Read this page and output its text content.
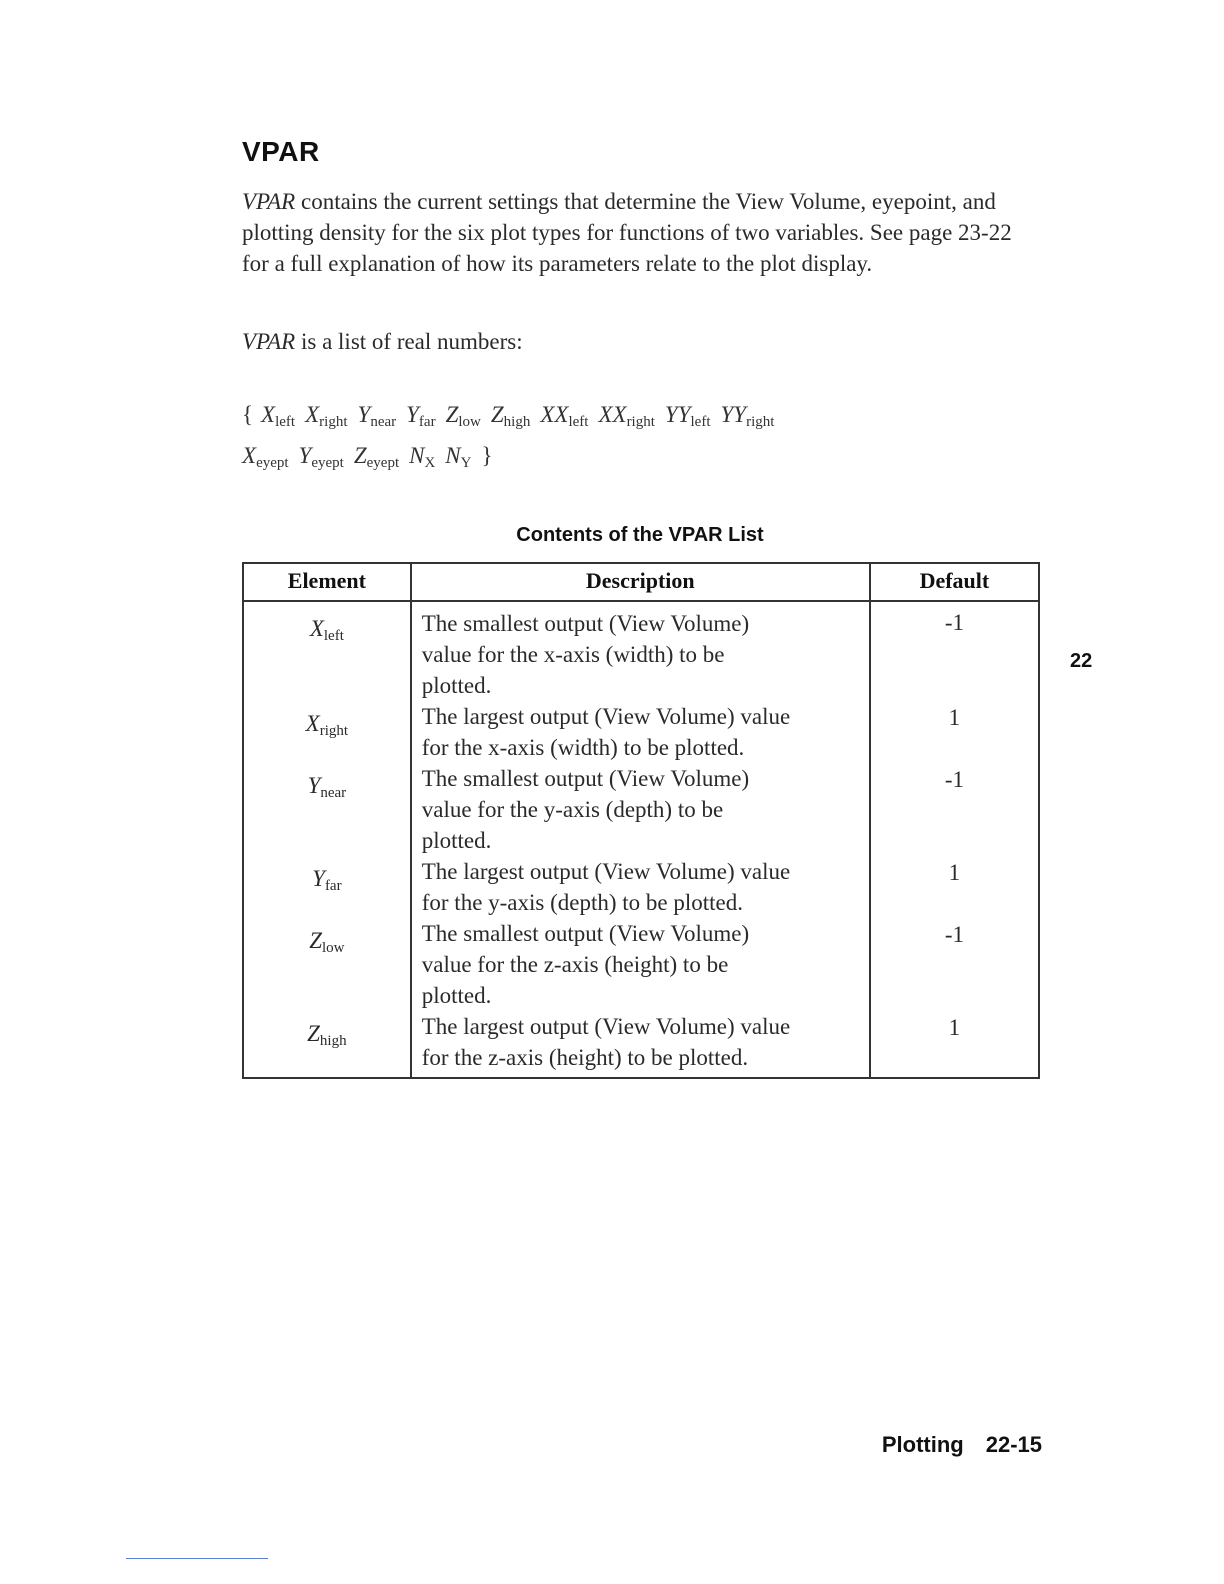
VPAR

VPAR contains the current settings that determine the View Volume, eyepoint, and plotting density for the six plot types for functions of two variables. See page 23-22 for a full explanation of how its parameters relate to the plot display.

VPAR is a list of real numbers:

{ $X_{left}$ $X_{right}$ $Y_{near}$ $Y_{far}$ $Z_{low}$ $Z_{high}$ $XX_{left}$ $XX_{right}$ $YY_{left}$ $YY_{right}$
$X_{eyept}$ $Y_{eyept}$ $Z_{eyept}$ $N_X$ $N_Y$ }
Contents of the VPAR List
Element	Description	Default
$X_{left}$	The smallest output (View Volume)
value for the x-axis (width) to be
plotted.	-1
$X_{right}$	The largest output (View Volume) value
for the x-axis (width) to be plotted.	1
$Y_{near}$	The smallest output (View Volume)
value for the y-axis (depth) to be
plotted.	-1
$Y_{far}$	The largest output (View Volume) value
for the y-axis (depth) to be plotted.	1
$Z_{low}$	The smallest output (View Volume)
value for the z-axis (height) to be
plotted.	-1
$Z_{high}$	The largest output (View Volume) value
for the z-axis (height) to be plotted.	1
22
Plotting 22-15
